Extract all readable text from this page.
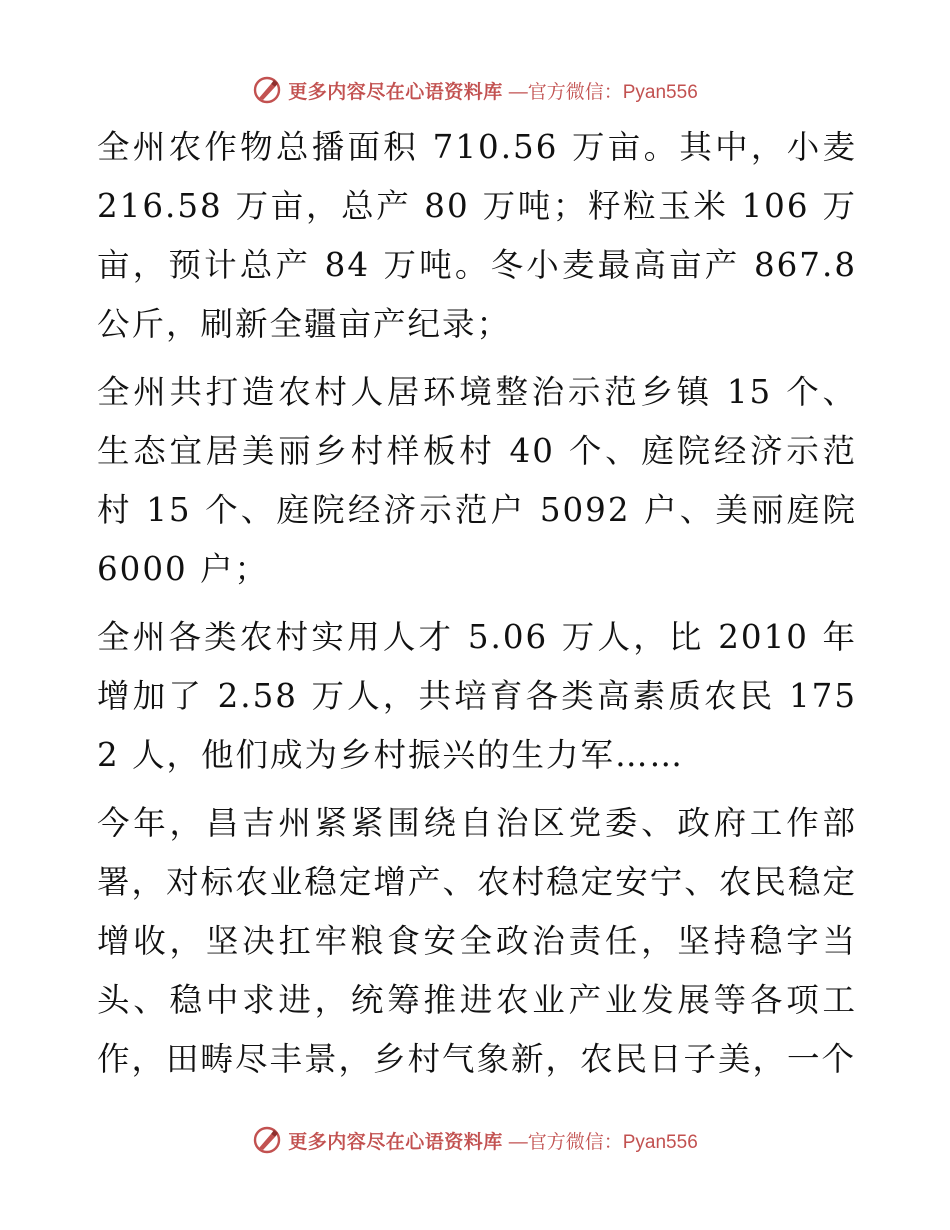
更多内容尽在心语资料库 —官方微信：Pyan556

全州农作物总播面积 710.56 万亩。其中，小麦 216.58 万亩，总产 80 万吨；籽粒玉米 106 万亩，预计总产 84 万吨。冬小麦最高亩产 867.8 公斤，刷新全疆亩产纪录；

全州共打造农村人居环境整治示范乡镇 15 个、生态宜居美丽乡村样板村 40 个、庭院经济示范村 15 个、庭院经济示范户 5092 户、美丽庭院 6000 户；

全州各类农村实用人才 5.06 万人，比 2010 年增加了 2.58 万人，共培育各类高素质农民 1752 人，他们成为乡村振兴的生力军……

今年，昌吉州紧紧围绕自治区党委、政府工作部署，对标农业稳定增产、农村稳定安宁、农民稳定增收，坚决扛牢粮食安全政治责任，坚持稳字当头、稳中求进，统筹推进农业产业发展等各项工作，田畴尽丰景，乡村气象新，农民日子美，一个

更多内容尽在心语资料库 —官方微信：Pyan556
